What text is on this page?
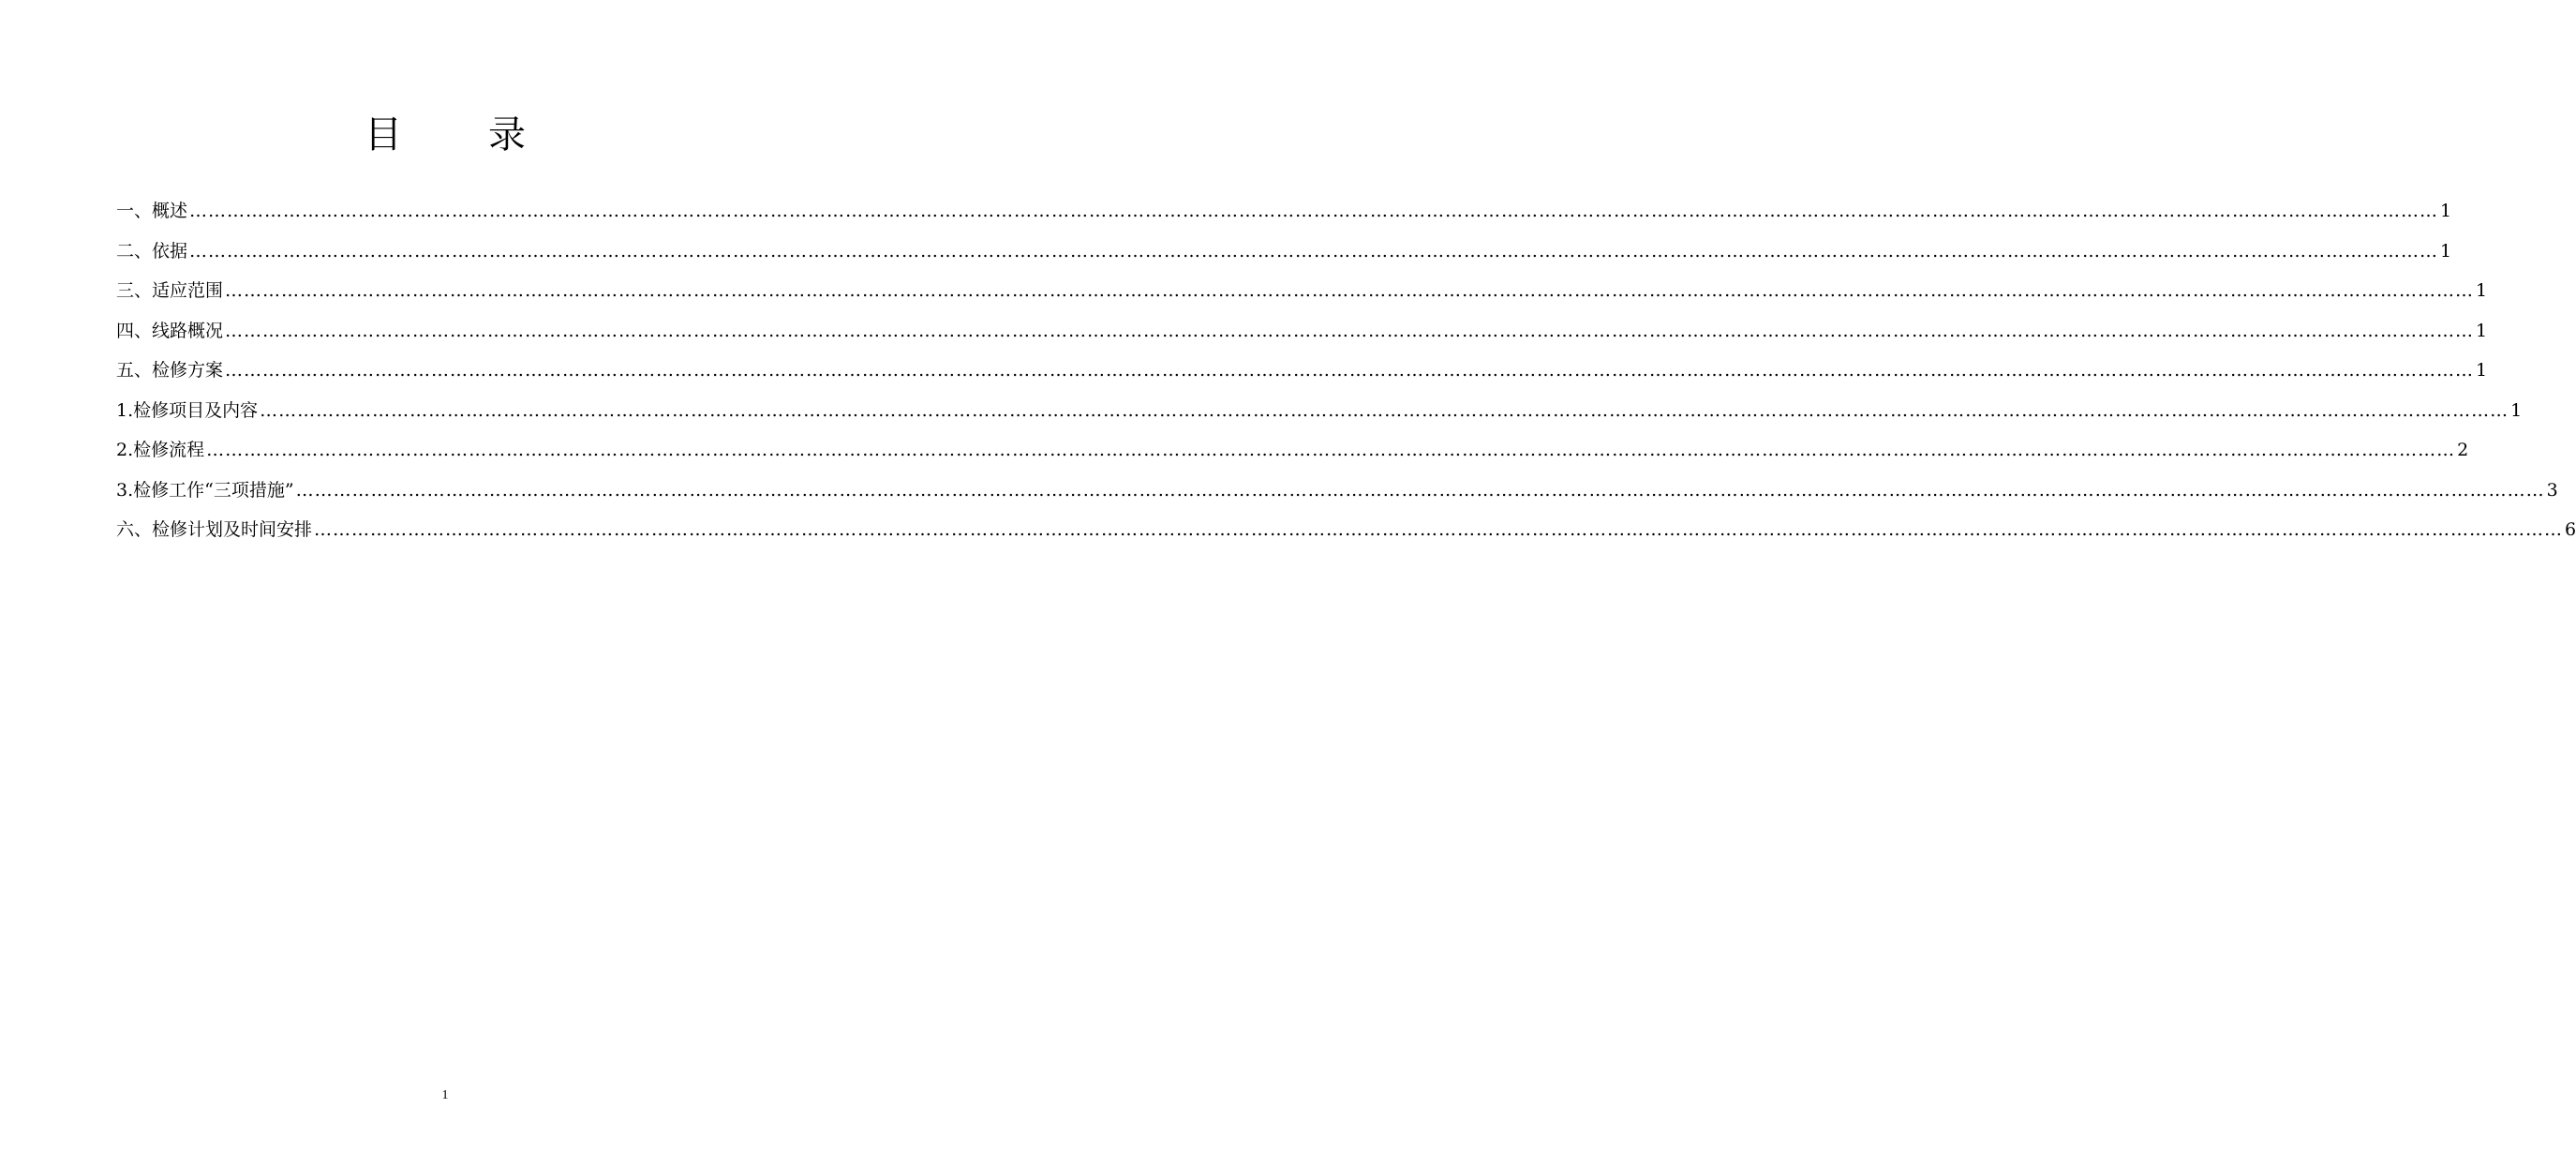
目 录
一、概述 ……………………………………………………………………………………………………………………………………………………………………………………………………………………………………………………………………………………………………………………………… 1
二、依据 ……………………………………………………………………………………………………………………………………………………………………………………………………………………………………………………………………………………………………………………………… 1
三、适应范围 ……………………………………………………………………………………………………………………………………………………………………………………………………………………………………………………………………………………………………………………………… 1
四、线路概况 ……………………………………………………………………………………………………………………………………………………………………………………………………………………………………………………………………………………………………………………………… 1
五、检修方案 ……………………………………………………………………………………………………………………………………………………………………………………………………………………………………………………………………………………………………………………………… 1
1.检修项目及内容 ……………………………………………………………………………………………………………………………………………………………………………………………………………………………………………………………………………………………………………………………… 1
2.检修流程 ……………………………………………………………………………………………………………………………………………………………………………………………………………………………………………………………………………………………………………………………… 2
3.检修工作“三项措施” ……………………………………………………………………………………………………………………………………………………………………………………………………………………………………………………………………………………………………………………………… 3
六、检修计划及时间安排 ……………………………………………………………………………………………………………………………………………………………………………………………………………………………………………………………………………………………………………………………… 6
1
